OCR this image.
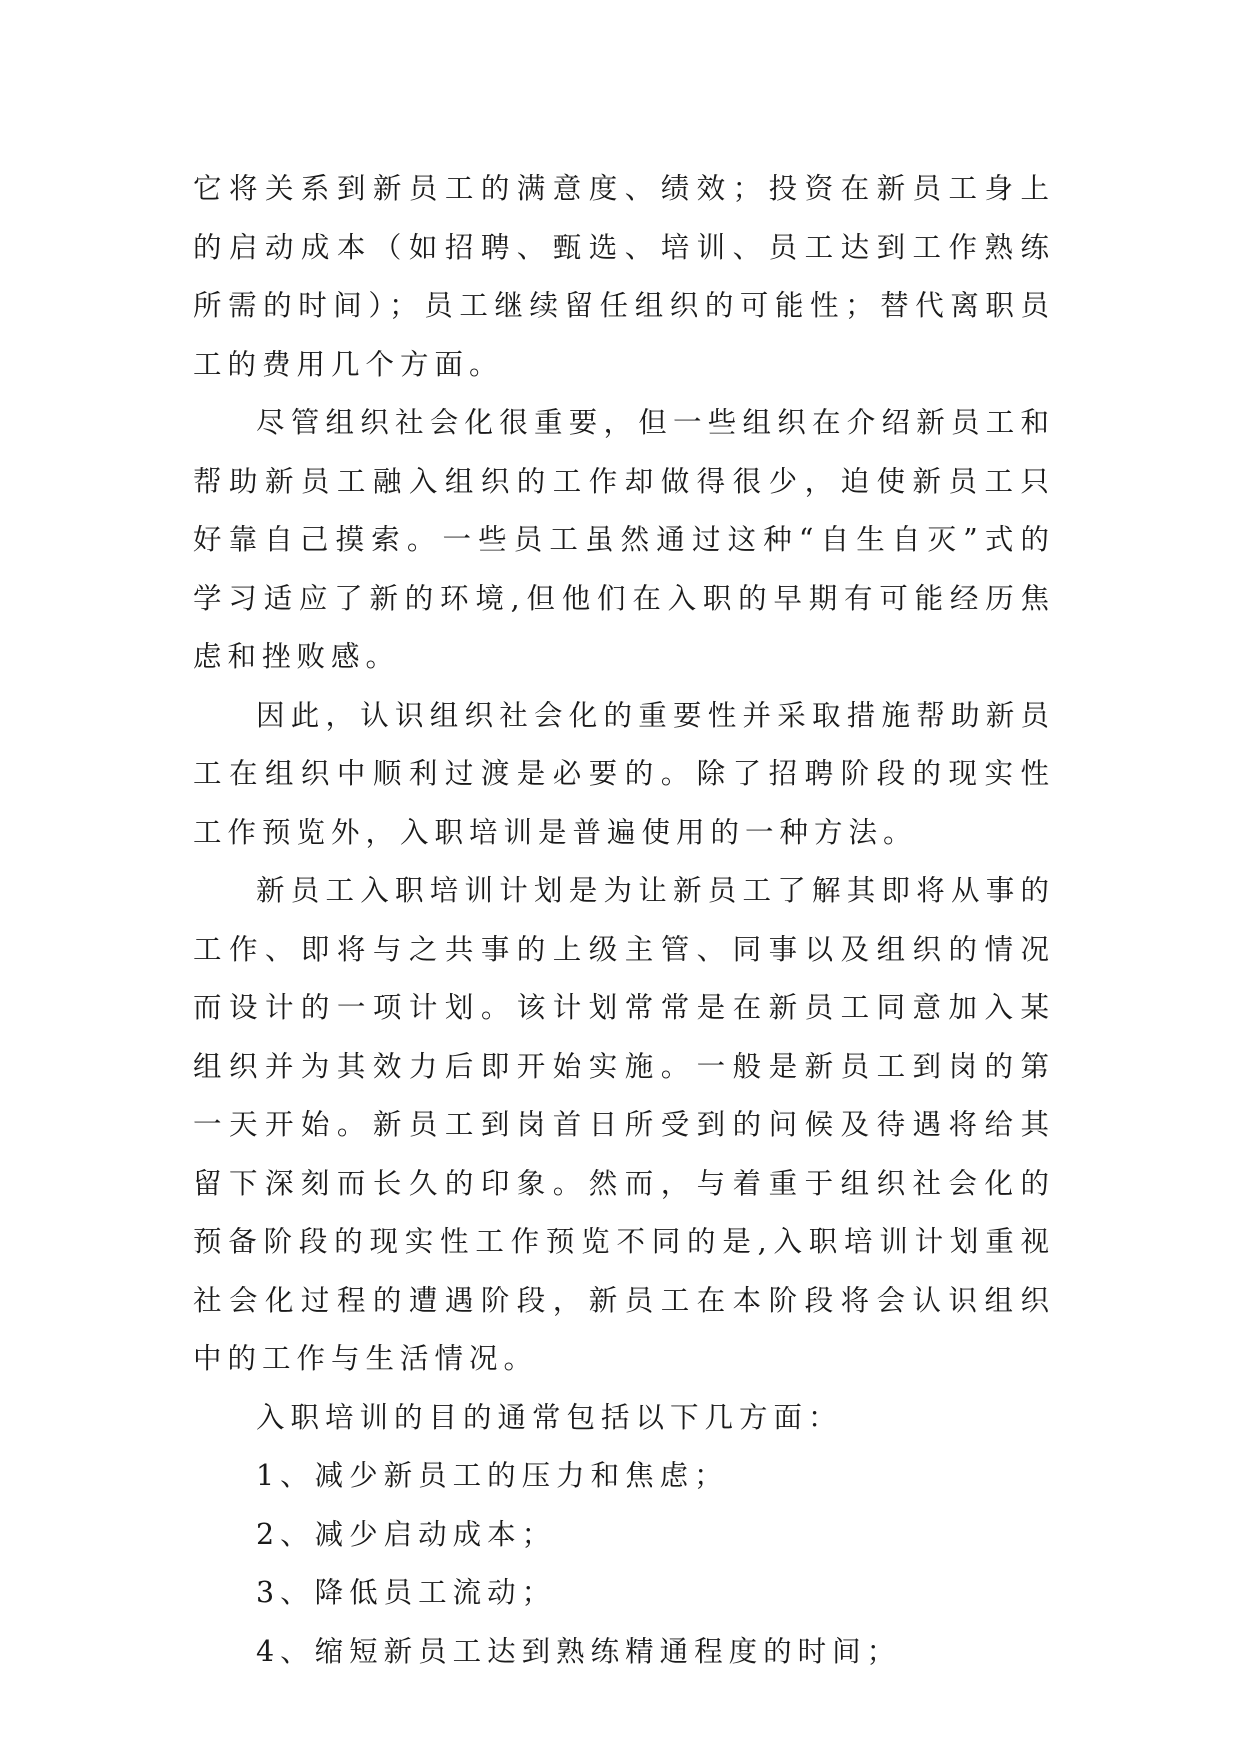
它将关系到新员工的满意度、绩效；投资在新员工身上的启动成本（如招聘、甄选、培训、员工达到工作熟练所需的时间）；员工继续留任组织的可能性；替代离职员工的费用几个方面。

尽管组织社会化很重要，但一些组织在介绍新员工和帮助新员工融入组织的工作却做得很少，迫使新员工只好靠自己摸索。一些员工虽然通过这种“自生自灭”式的学习适应了新的环境,但他们在入职的早期有可能经历焦虑和挫败感。

因此，认识组织社会化的重要性并采取措施帮助新员工在组织中顺利过渡是必要的。除了招聘阶段的现实性工作预览外，入职培训是普遍使用的一种方法。

新员工入职培训计划是为让新员工了解其即将从事的工作、即将与之共事的上级主管、同事以及组织的情况而设计的一项计划。该计划常常是在新员工同意加入某组织并为其效力后即开始实施。一般是新员工到岗的第一天开始。新员工到岗首日所受到的问候及待遇将给其留下深刻而长久的印象。然而，与着重于组织社会化的预备阶段的现实性工作预览不同的是,入职培训计划重视社会化过程的遭遇阶段，新员工在本阶段将会认识组织中的工作与生活情况。

入职培训的目的通常包括以下几方面：

1、减少新员工的压力和焦虑；

2、减少启动成本；

3、降低员工流动；

4、缩短新员工达到熟练精通程度的时间；
